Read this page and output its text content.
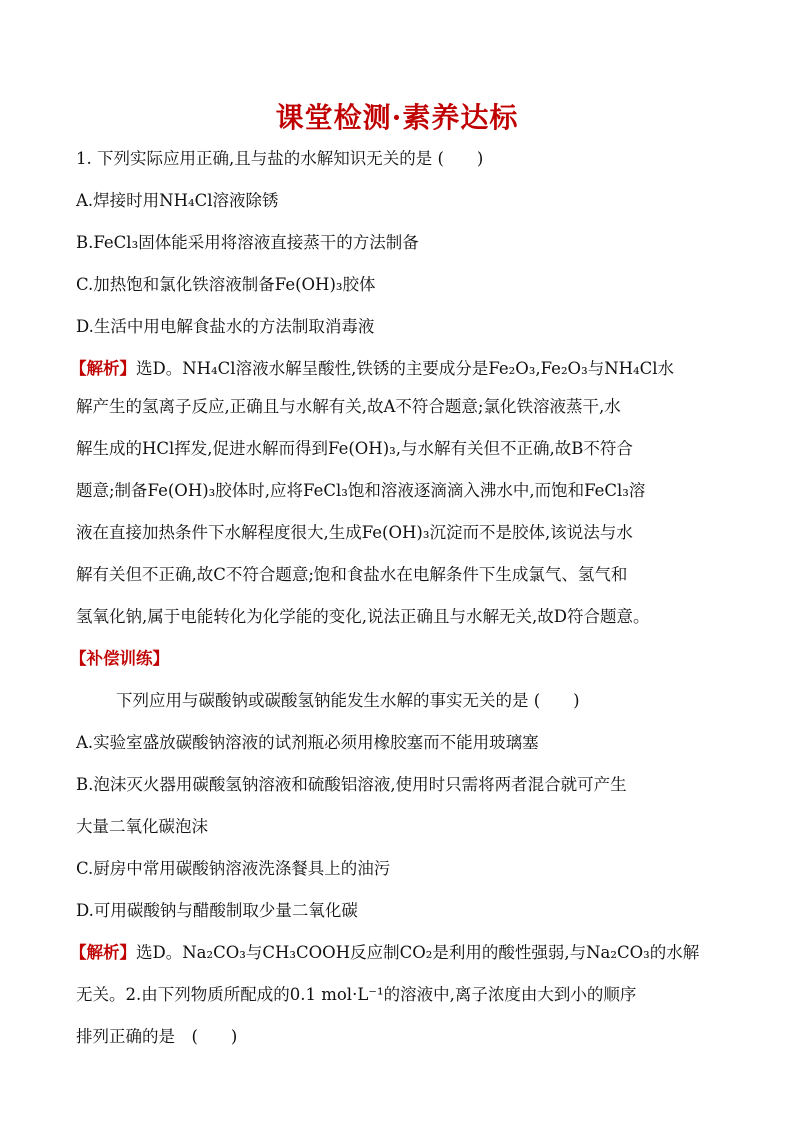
课堂检测·素养达标
1. 下列实际应用正确,且与盐的水解知识无关的是 (　　)
A.焊接时用NH₄Cl溶液除锈
B.FeCl₃固体能采用将溶液直接蒸干的方法制备
C.加热饱和氯化铁溶液制备Fe(OH)₃胶体
D.生活中用电解食盐水的方法制取消毒液
【解析】选D。NH₄Cl溶液水解呈酸性,铁锈的主要成分是Fe₂O₃,Fe₂O₃与NH₄Cl水
解产生的氢离子反应,正确且与水解有关,故A不符合题意;氯化铁溶液蒸干,水
解生成的HCl挥发,促进水解而得到Fe(OH)₃,与水解有关但不正确,故B不符合
题意;制备Fe(OH)₃胶体时,应将FeCl₃饱和溶液逐滴滴入沸水中,而饱和FeCl₃溶
液在直接加热条件下水解程度很大,生成Fe(OH)₃沉淀而不是胶体,该说法与水
解有关但不正确,故C不符合题意;饱和食盐水在电解条件下生成氯气、氢气和
氢氧化钠,属于电能转化为化学能的变化,说法正确且与水解无关,故D符合题意。
【补偿训练】
下列应用与碳酸钠或碳酸氢钠能发生水解的事实无关的是 (　　)
A.实验室盛放碳酸钠溶液的试剂瓶必须用橡胶塞而不能用玻璃塞
B.泡沫灭火器用碳酸氢钠溶液和硫酸铝溶液,使用时只需将两者混合就可产生
大量二氧化碳泡沫
C.厨房中常用碳酸钠溶液洗涤餐具上的油污
D.可用碳酸钠与醋酸制取少量二氧化碳
【解析】选D。Na₂CO₃与CH₃COOH反应制CO₂是利用的酸性强弱,与Na₂CO₃的水解
无关。2.由下列物质所配成的0.1 mol·L⁻¹的溶液中,离子浓度由大到小的顺序
排列正确的是　(　　)
